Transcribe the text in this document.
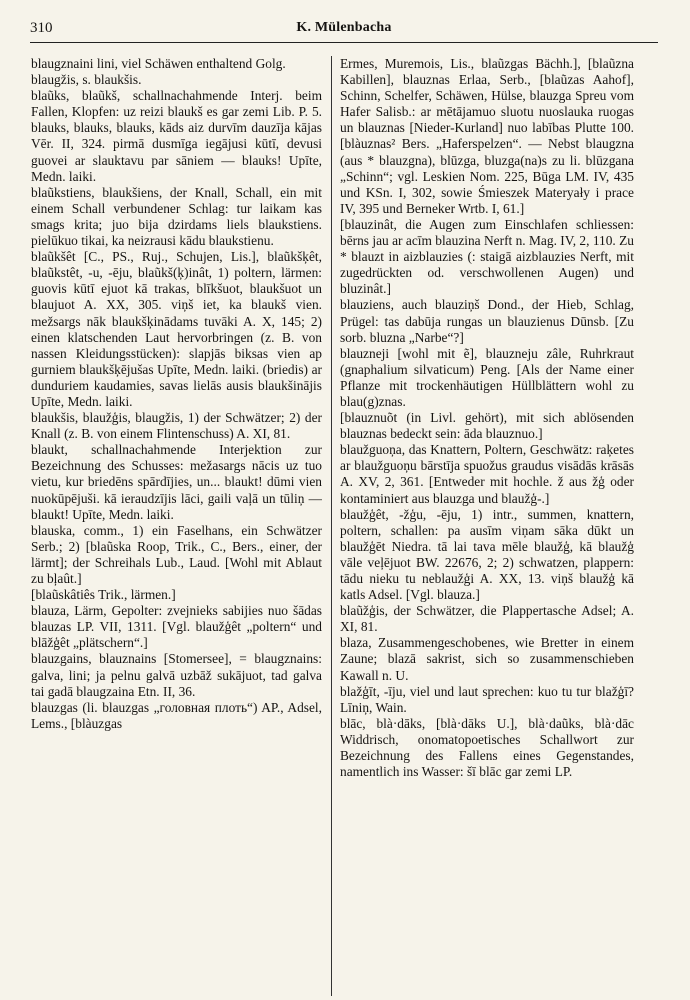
310	K. Mülenbacha

blaugznaini lini, viel Schäwen enthaltend Golg.

blaugžis, s. blaukšis.

blaũks, blaũkš, schallnachahmende Interj. beim Fallen, Klopfen: uz reizi blaukš es gar zemi Lib. P. 5. blauks, blauks, blauks, kāds aiz durvīm dauzīja kājas Vēr. II, 324. pirmā dusmīgа iegājusi kūtī, devusi guovei ar slauktavu par sāniem — blauks! Upīte, Medn. laiki.

blaũkstiens, blaukšiens, der Knall, Schall, ein mit einem Schall verbundener Schlag: tur laikam kas smags krita; juo bija dzirdams liels blaukstiens. pielūkuo tikai, ka neizrausi kādu blaukstienu.

blaũkšêt [C., PS., Ruj., Schujen, Lis.], blaũkšķêt, blaũkstêt, -u, -ēju, blaũkš(ķ)inât, 1) poltern, lärmen: guovis kūtī ejuot kā trakas, blīkšuot, blaukšuot un blaujuot A. XX, 305. viņš iet, ka blaukš vien. mežsargs nāk blaukšķinādams tuvāki A. X, 145; 2) einen klatschenden Laut hervorbringen (z. B. von nassen Kleidungsstücken): slapjās biksas vien ap gurniem blaukšķējušas Upīte, Medn. laiki. (briedis) ar dunduriem kaudamies, savas lielās ausis blaukšinājis Upīte, Medn. laiki.

blaukšis, blaužģis, blaugžis, 1) der Schwätzer; 2) der Knall (z. B. von einem Flintenschuss) A. XI, 81.

blaukt, schallnachahmende Interjektion zur Bezeichnung des Schusses: mežasargs nācis uz tuo vietu, kur briedēns spārdījies, un... blaukt! dūmi vien nuokūpējuši. kā ieraudzījis lāci, gaili vaļā un tūliņ — blaukt! Upīte, Medn. laiki.

blauska, comm., 1) ein Faselhans, ein Schwätzer Serb.; 2) [blaũska Roop, Trik., C., Bers., einer, der lärmt]; der Schreihals Lub., Laud. [Wohl mit Ablaut zu bļaût.]

[blaũskâtiês Trik., lärmen.]

blauza, Lärm, Gepolter: zvejnieks sabijies nuo šādas blauzas LP. VII, 1311. [Vgl. blaužģêt „poltern“ und blāžģêt „plätschern“.]

blauzgains, blauznains [Stomersee], = blaugznains: galva, lini; ja pelnu galvā uzbāž sukājuot, tad galva tai gadā blaugzaina Etn. II, 36.

blauzgas (li. blauzgas „головная плоть“) AP., Adsel, Lems., [blàuzgas

Ermes, Muremois, Lis., blaũzgas Bächh.], [blaũzna Kabillen], blauznas Erlaa, Serb., [blaũzas Aahof], Schinn, Schelfer, Schäwen, Hülse, blauzga Spreu vom Hafer Salisb.: ar mētājamuo sluotu nuoslauka ruogas un blauznas [Nieder-Kurland] nuo labības Plutte 100. [blàuznas² Bers. „Haferspelzen“. — Nebst blaugzna (aus * blauzgna), blūzga, bluzga(na)s zu li. blūzgana „Schinn“; vgl. Leskien Nom. 225, Būga LM. IV, 435 und KSn. I, 302, sowie Śmieszek Materyały i prace IV, 395 und Berneker Wrtb. I, 61.]

[blauzinât, die Augen zum Einschlafen schliessen: bērns jau ar acīm blauzina Nerft n. Mag. IV, 2, 110. Zu * blauzt in aizblauzies (: staigā aizblauzies Nerft, mit zugedrückten od. verschwollenen Augen) und bluzinât.]

blauziens, auch blauziņš Dond., der Hieb, Schlag, Prügel: tas dabūja rungas un blauzienus Dūnsb. [Zu sorb. bluzna „Narbe“?]

blauzneji [wohl mit ẽ], blauzneju zâle, Ruhrkraut (gnaphalium silvaticum) Peng. [Als der Name einer Pflanze mit trockenhäutigen Hüllblättern wohl zu blau(g)znas.

[blauznuõt (in Livl. gehört), mit sich ablösenden blauznas bedeckt sein: āda blauznuo.]

blaužguoņa, das Knattern, Poltern, Geschwätz: raķetes ar blaužguoņu bārstīja spuožus graudus visādās krāsās A. XV, 2, 361. [Entweder mit hochle. ž aus žģ oder kontaminiert aus blauzga und blaužģ-.]

blaužģêt, -žģu, -ēju, 1) intr., summen, knattern, poltern, schallen: pa ausīm viņam sāka dūkt un blaužģēt Niedra. tā lai tava mēle blaužģ, kā blaužģ vāle veļējuot BW. 22676, 2; 2) schwatzen, plappern: tādu nieku tu neblaužģi A. XX, 13. viņš blaužģ kā katls Adsel. [Vgl. blauza.]

blaũžģis, der Schwätzer, die Plappertasche Adsel; A. XI, 81.

blaza, Zusammengeschobenes, wie Bretter in einem Zaune; blazā sakrist, sich so zusammenschieben Kawall n. U.

blažģīt, -īju, viel und laut sprechen: kuo tu tur blažģī? Līniņ, Wain.

blāc, blà·dāks, [blà·dāks U.], blà·daũks, blà·dāc Widdrisch, onomatopoetisches Schallwort zur Bezeichnung des Fallens eines Gegenstandes, namentlich ins Wasser: šī blāc gar zemi LP.
